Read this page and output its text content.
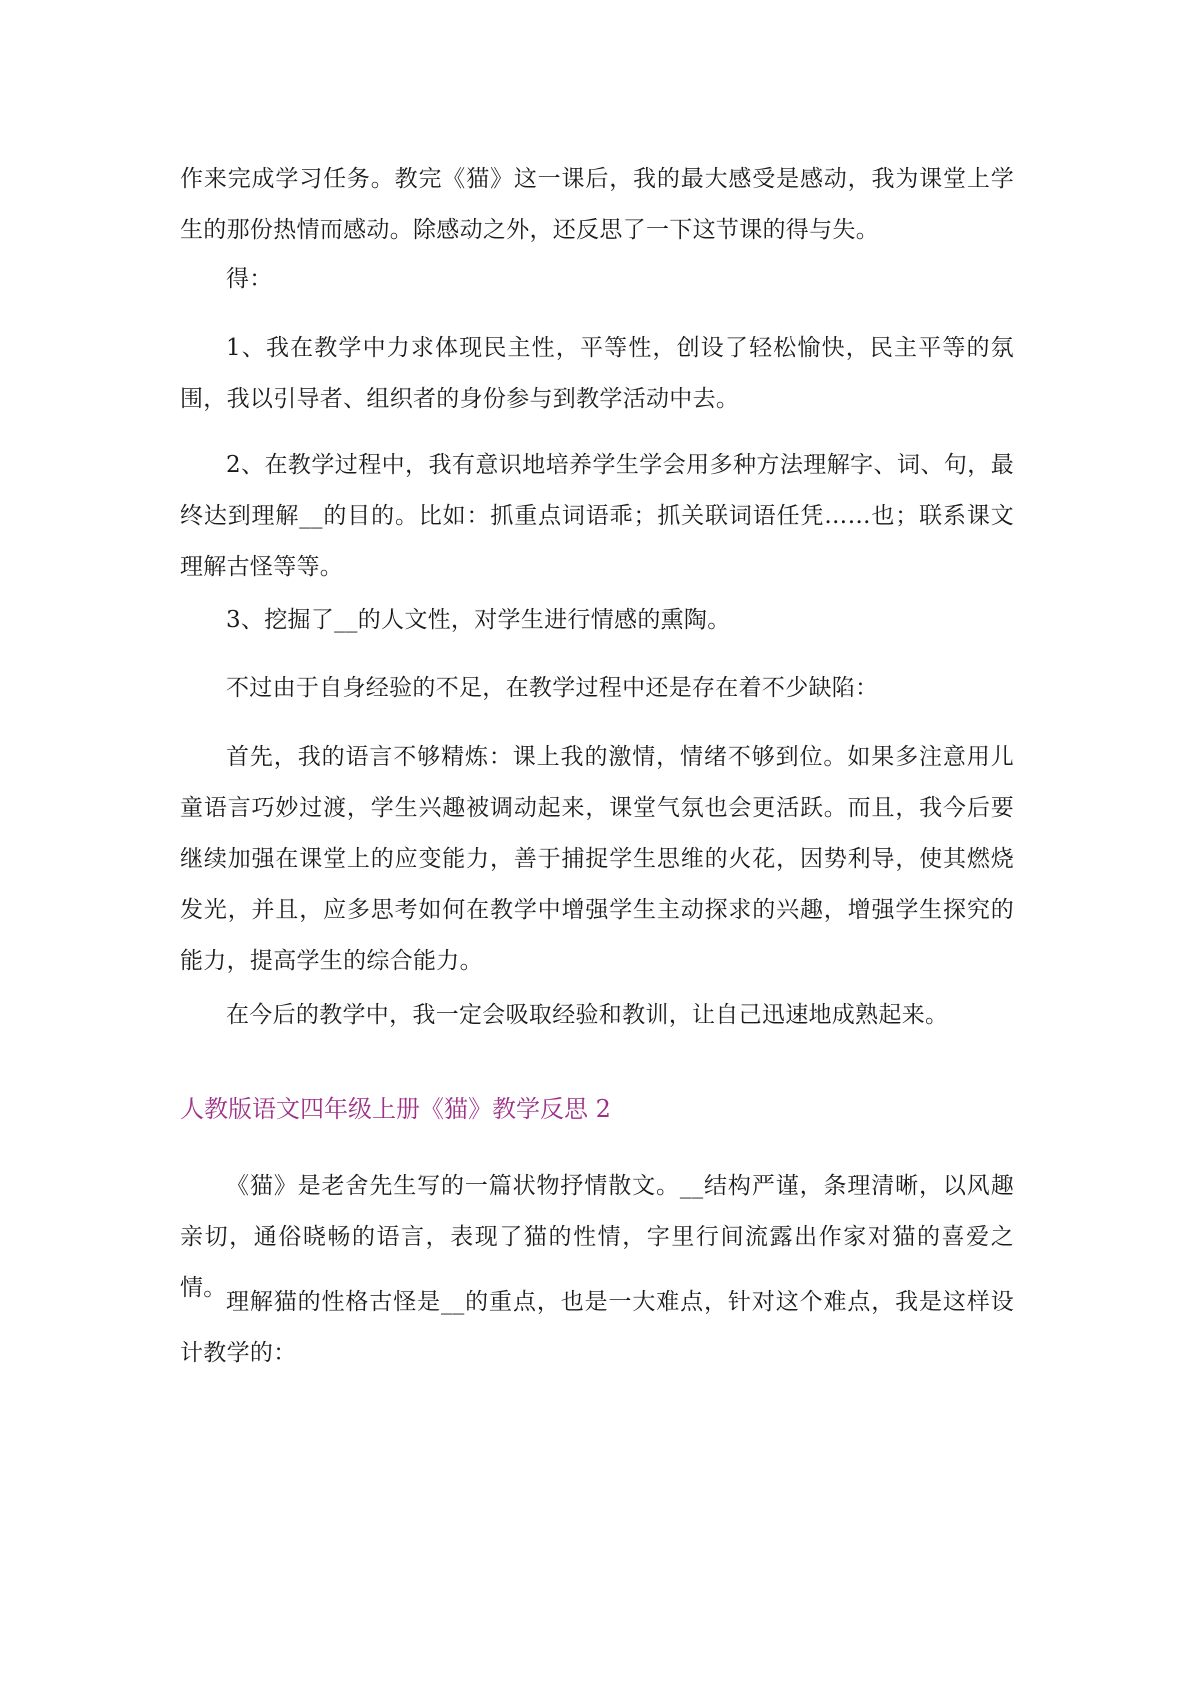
作来完成学习任务。教完《猫》这一课后，我的最大感受是感动，我为课堂上学生的那份热情而感动。除感动之外，还反思了一下这节课的得与失。

得：

1、我在教学中力求体现民主性，平等性，创设了轻松愉快，民主平等的氛围，我以引导者、组织者的身份参与到教学活动中去。

2、在教学过程中，我有意识地培养学生学会用多种方法理解字、词、句，最终达到理解__的目的。比如：抓重点词语乖；抓关联词语任凭……也；联系课文理解古怪等等。

3、挖掘了__的人文性，对学生进行情感的熏陶。

不过由于自身经验的不足，在教学过程中还是存在着不少缺陷：

首先，我的语言不够精炼：课上我的激情，情绪不够到位。如果多注意用儿童语言巧妙过渡，学生兴趣被调动起来，课堂气氛也会更活跃。而且，我今后要继续加强在课堂上的应变能力，善于捕捉学生思维的火花，因势利导，使其燃烧发光，并且，应多思考如何在教学中增强学生主动探求的兴趣，增强学生探究的能力，提高学生的综合能力。

在今后的教学中，我一定会吸取经验和教训，让自己迅速地成熟起来。

人教版语文四年级上册《猫》教学反思 2

《猫》是老舍先生写的一篇状物抒情散文。__结构严谨，条理清晰，以风趣亲切，通俗晓畅的语言，表现了猫的性情，字里行间流露出作家对猫的喜爱之情。

理解猫的性格古怪是__的重点，也是一大难点，针对这个难点，我是这样设计教学的：
